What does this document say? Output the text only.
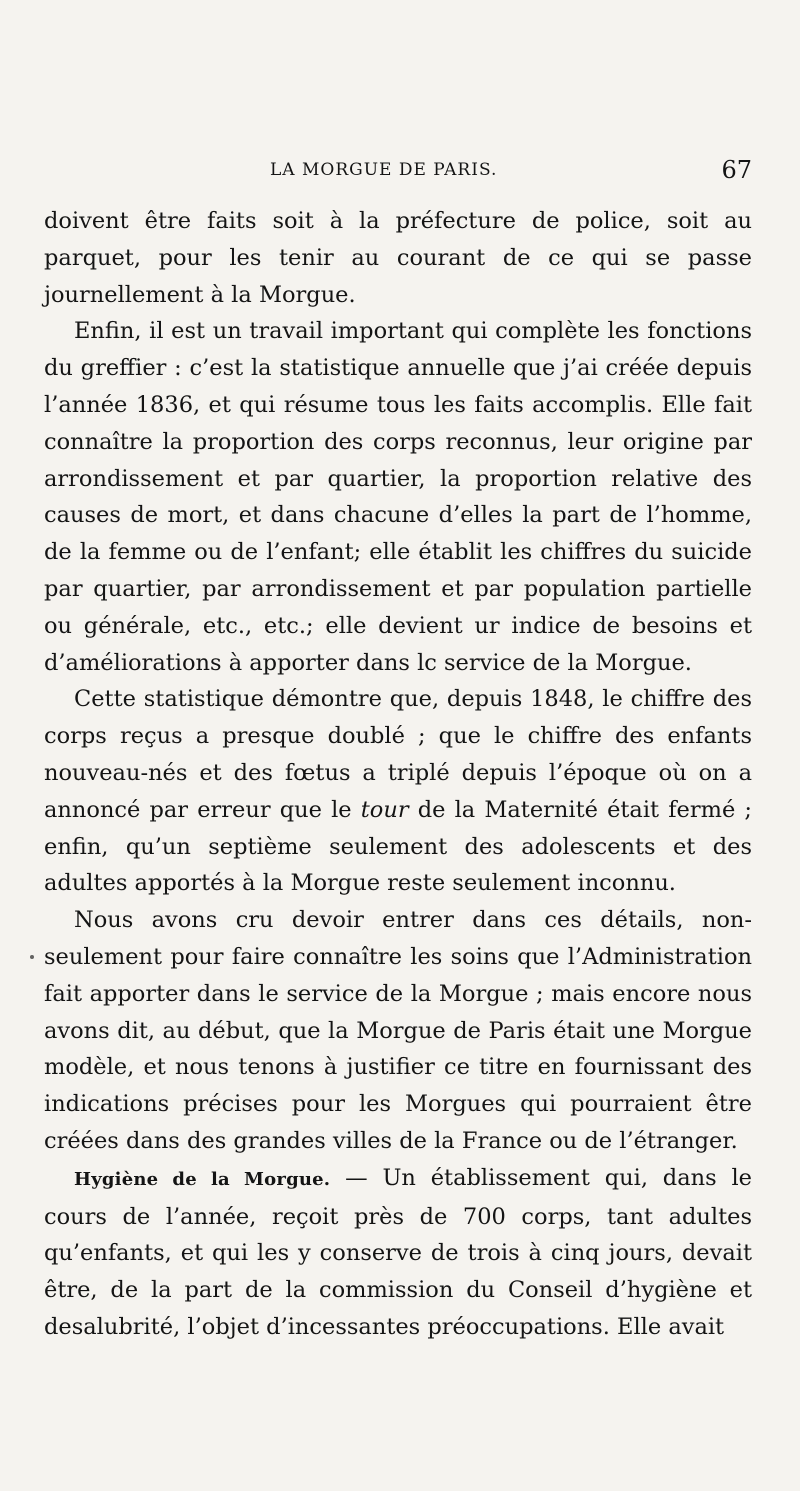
LA MORGUE DE PARIS.	67

doivent être faits soit à la préfecture de police, soit au parquet, pour les tenir au courant de ce qui se passe journellement à la Morgue.

Enfin, il est un travail important qui complète les fonctions du greffier : c’est la statistique annuelle que j’ai créée depuis l’année 1836, et qui résume tous les faits accomplis. Elle fait connaître la proportion des corps reconnus, leur origine par arrondissement et par quartier, la proportion relative des causes de mort, et dans chacune d’elles la part de l’homme, de la femme ou de l’enfant; elle établit les chiffres du suicide par quartier, par arrondissement et par population partielle ou générale, etc., etc.; elle devient ur indice de besoins et d’améliorations à apporter dans lc service de la Morgue.

Cette statistique démontre que, depuis 1848, le chiffre des corps reçus a presque doublé ; que le chiffre des enfants nouveau-nés et des fœtus a triplé depuis l’époque où on a annoncé par erreur que le tour de la Maternité était fermé ; enfin, qu’un septième seulement des adolescents et des adultes apportés à la Morgue reste seulement inconnu.

Nous avons cru devoir entrer dans ces détails, non-seulement pour faire connaître les soins que l’Administration fait apporter dans le service de la Morgue ; mais encore nous avons dit, au début, que la Morgue de Paris était une Morgue modèle, et nous tenons à justifier ce titre en fournissant des indications précises pour les Morgues qui pourraient être créées dans des grandes villes de la France ou de l’étranger.

Hygiène de la Morgue. — Un établissement qui, dans le cours de l’année, reçoit près de 700 corps, tant adultes qu’enfants, et qui les y conserve de trois à cinq jours, devait être, de la part de la commission du Conseil d’hygiène et desalubrité, l’objet d’incessantes préoccupations. Elle avait
